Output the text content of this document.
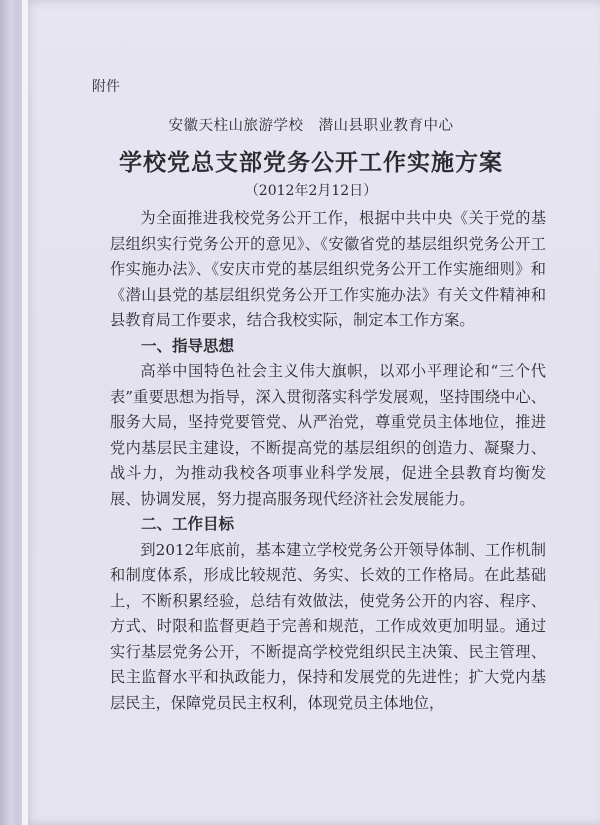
附件
安徽天柱山旅游学校　潜山县职业教育中心
学校党总支部党务公开工作实施方案
（2012年2月12日）

为全面推进我校党务公开工作，根据中共中央《关于党的基层组织实行党务公开的意见》、《安徽省党的基层组织党务公开工作实施办法》、《安庆市党的基层组织党务公开工作实施细则》和《潜山县党的基层组织党务公开工作实施办法》有关文件精神和县教育局工作要求，结合我校实际，制定本工作方案。

一、指导思想

高举中国特色社会主义伟大旗帜，以邓小平理论和“三个代表”重要思想为指导，深入贯彻落实科学发展观，坚持围绕中心、服务大局，坚持党要管党、从严治党，尊重党员主体地位，推进党内基层民主建设，不断提高党的基层组织的创造力、凝聚力、战斗力，为推动我校各项事业科学发展，促进全县教育均衡发展、协调发展，努力提高服务现代经济社会发展能力。

二、工作目标

到2012年底前，基本建立学校党务公开领导体制、工作机制和制度体系，形成比较规范、务实、长效的工作格局。在此基础上，不断积累经验，总结有效做法，使党务公开的内容、程序、方式、时限和监督更趋于完善和规范，工作成效更加明显。通过实行基层党务公开，不断提高学校党组织民主决策、民主管理、民主监督水平和执政能力，保持和发展党的先进性；扩大党内基层民主，保障党员民主权利，体现党员主体地位，
